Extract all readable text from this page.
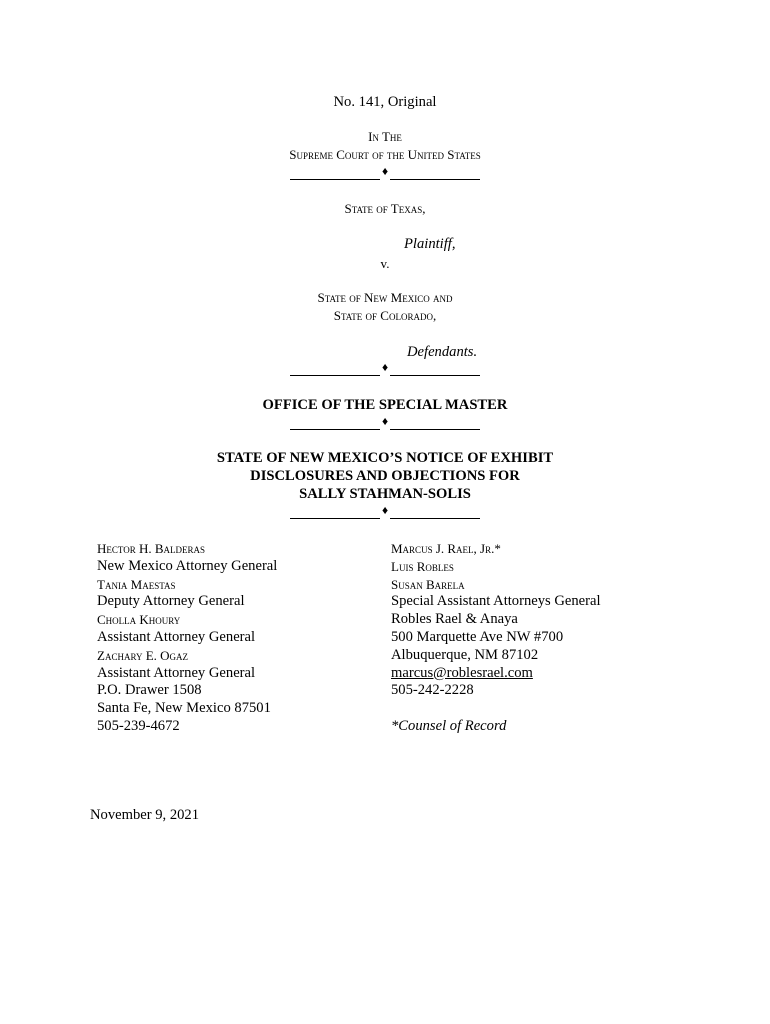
No. 141, Original
In The
Supreme Court of the United States
♦
State of Texas,
Plaintiff,
v.
State of New Mexico and
State of Colorado,
Defendants.
♦
OFFICE OF THE SPECIAL MASTER
♦
STATE OF NEW MEXICO’S NOTICE OF EXHIBIT
DISCLOSURES AND OBJECTIONS FOR
SALLY STAHMAN-SOLIS
♦
Hector H. Balderas
New Mexico Attorney General
Tania Maestas
Deputy Attorney General
Cholla Khoury
Assistant Attorney General
Zachary E. Ogaz
Assistant Attorney General
P.O. Drawer 1508
Santa Fe, New Mexico 87501
505-239-4672
Marcus J. Rael, Jr.*
Luis Robles
Susan Barela
Special Assistant Attorneys General
Robles Rael & Anaya
500 Marquette Ave NW #700
Albuquerque, NM 87102
marcus@roblesrael.com
505-242-2228
*Counsel of Record
November 9, 2021
